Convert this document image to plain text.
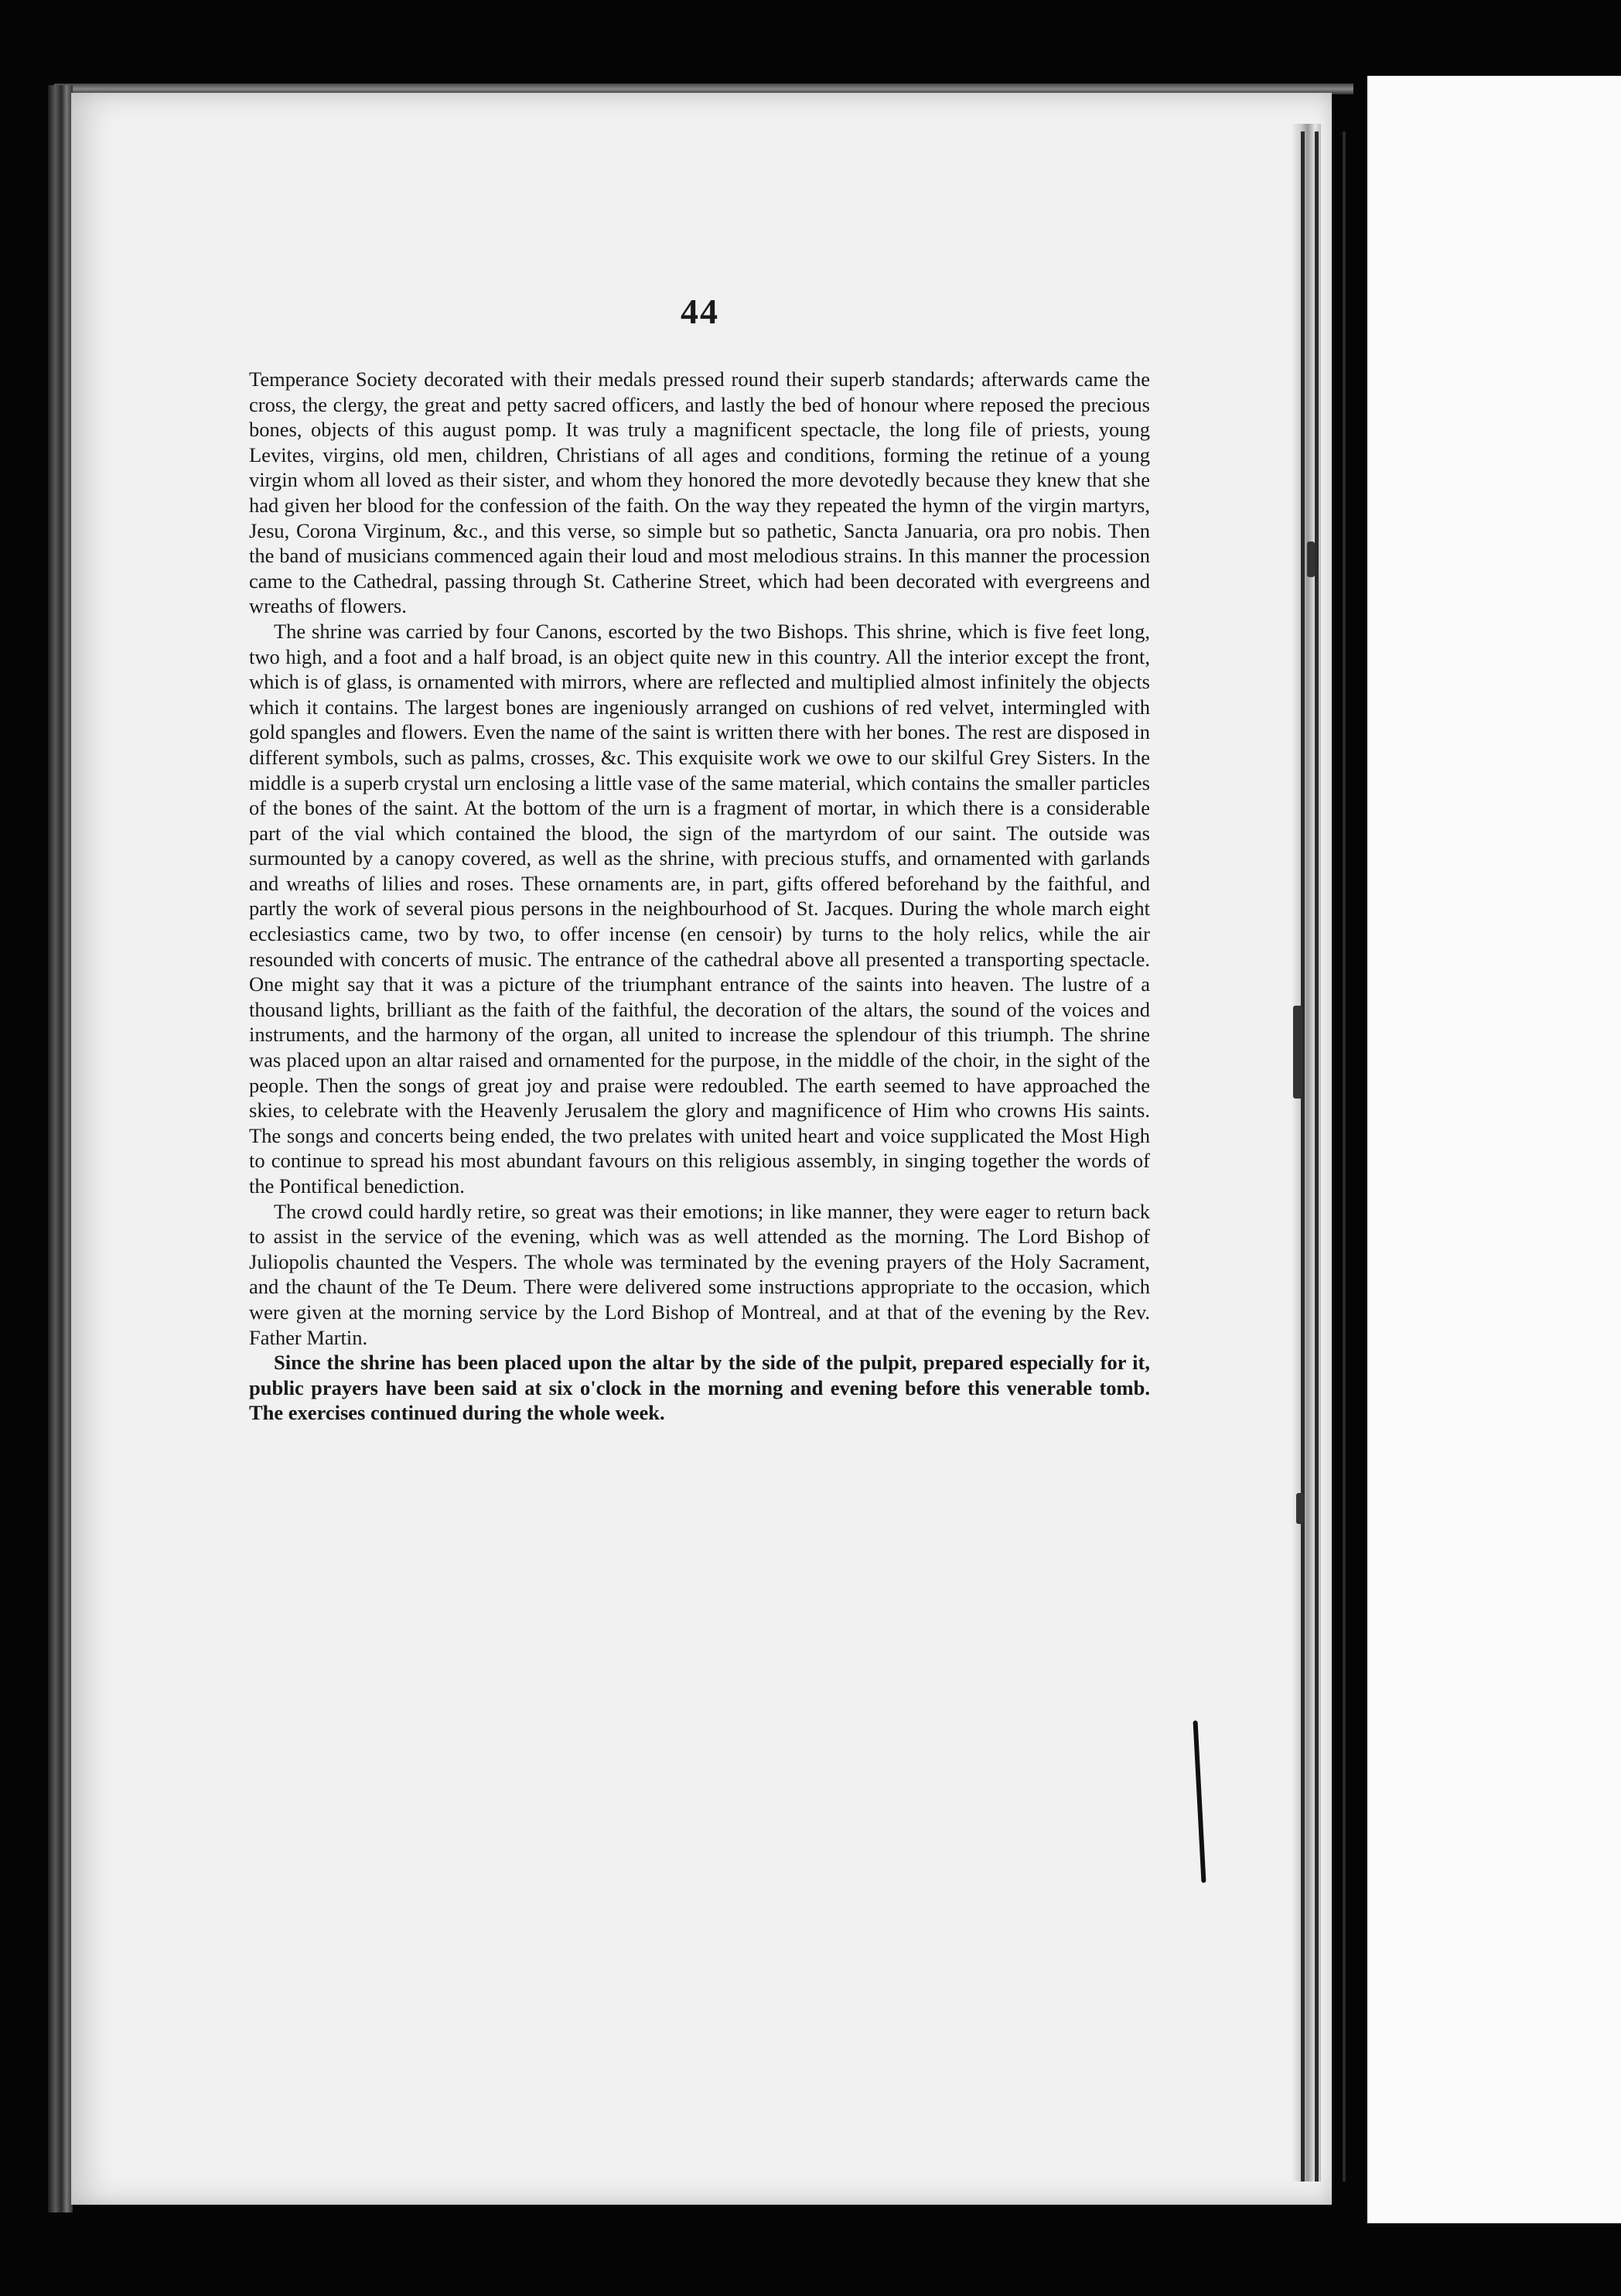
44

Temperance Society decorated with their medals pressed round their superb standards; afterwards came the cross, the clergy, the great and petty sacred officers, and lastly the bed of honour where reposed the precious bones, objects of this august pomp. It was truly a magnificent spectacle, the long file of priests, young Levites, virgins, old men, children, Christians of all ages and conditions, forming the retinue of a young virgin whom all loved as their sister, and whom they honored the more devotedly because they knew that she had given her blood for the confession of the faith. On the way they repeated the hymn of the virgin martyrs, Jesu, Corona Virginum, &c., and this verse, so simple but so pathetic, Sancta Januaria, ora pro nobis. Then the band of musicians commenced again their loud and most melodious strains. In this manner the procession came to the Cathedral, passing through St. Catherine Street, which had been decorated with evergreens and wreaths of flowers.

The shrine was carried by four Canons, escorted by the two Bishops. This shrine, which is five feet long, two high, and a foot and a half broad, is an object quite new in this country. All the interior except the front, which is of glass, is ornamented with mirrors, where are reflected and multiplied almost infinitely the objects which it contains. The largest bones are ingeniously arranged on cushions of red velvet, intermingled with gold spangles and flowers. Even the name of the saint is written there with her bones. The rest are disposed in different symbols, such as palms, crosses, &c. This exquisite work we owe to our skilful Grey Sisters. In the middle is a superb crystal urn enclosing a little vase of the same material, which contains the smaller particles of the bones of the saint. At the bottom of the urn is a fragment of mortar, in which there is a considerable part of the vial which contained the blood, the sign of the martyrdom of our saint. The outside was surmounted by a canopy covered, as well as the shrine, with precious stuffs, and ornamented with garlands and wreaths of lilies and roses. These ornaments are, in part, gifts offered beforehand by the faithful, and partly the work of several pious persons in the neighbourhood of St. Jacques. During the whole march eight ecclesiastics came, two by two, to offer incense (en censoir) by turns to the holy relics, while the air resounded with concerts of music. The entrance of the cathedral above all presented a transporting spectacle. One might say that it was a picture of the triumphant entrance of the saints into heaven. The lustre of a thousand lights, brilliant as the faith of the faithful, the decoration of the altars, the sound of the voices and instruments, and the harmony of the organ, all united to increase the splendour of this triumph. The shrine was placed upon an altar raised and ornamented for the purpose, in the middle of the choir, in the sight of the people. Then the songs of great joy and praise were redoubled. The earth seemed to have approached the skies, to celebrate with the Heavenly Jerusalem the glory and magnificence of Him who crowns His saints. The songs and concerts being ended, the two prelates with united heart and voice supplicated the Most High to continue to spread his most abundant favours on this religious assembly, in singing together the words of the Pontifical benediction.

The crowd could hardly retire, so great was their emotions; in like manner, they were eager to return back to assist in the service of the evening, which was as well attended as the morning. The Lord Bishop of Juliopolis chaunted the Vespers. The whole was terminated by the evening prayers of the Holy Sacrament, and the chaunt of the Te Deum. There were delivered some instructions appropriate to the occasion, which were given at the morning service by the Lord Bishop of Montreal, and at that of the evening by the Rev. Father Martin.

Since the shrine has been placed upon the altar by the side of the pulpit, prepared especially for it, public prayers have been said at six o'clock in the morning and evening before this venerable tomb. The exercises continued during the whole week.
